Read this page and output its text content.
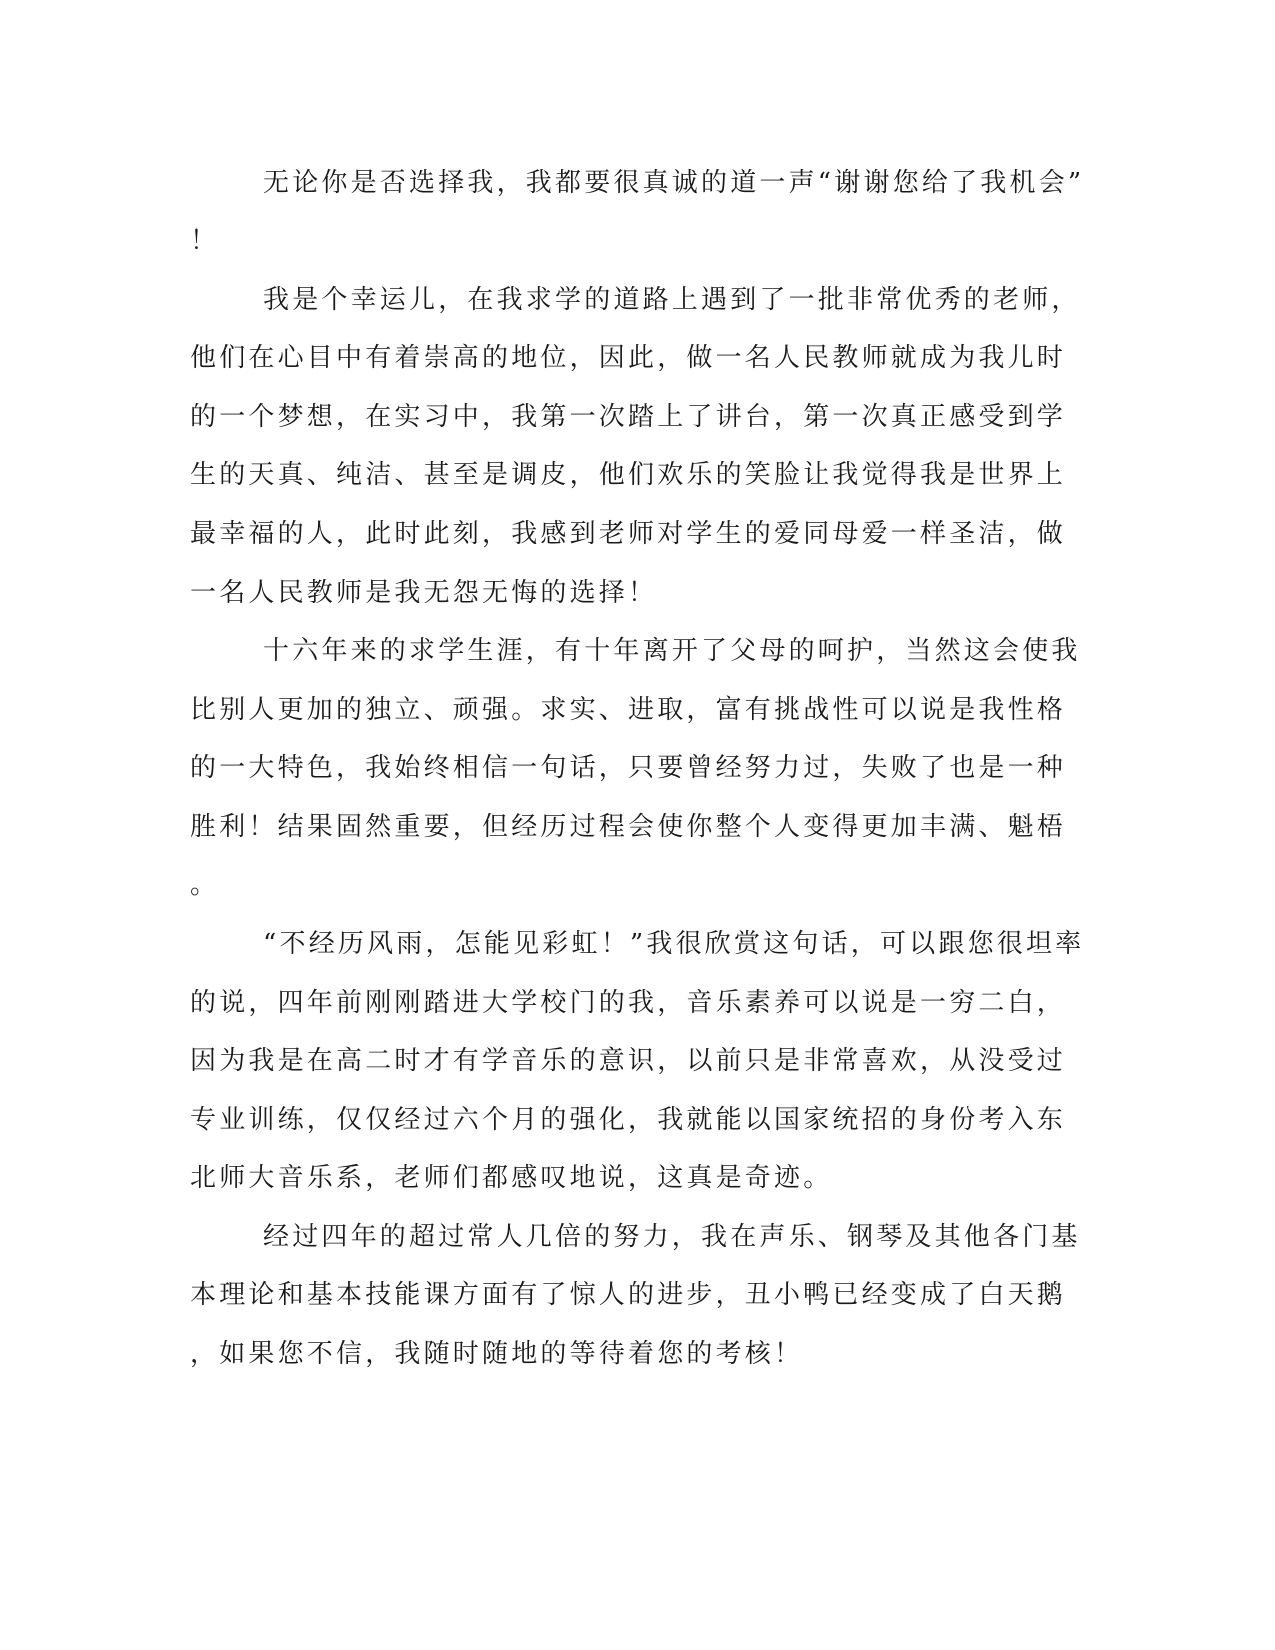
无论你是否选择我，我都要很真诚的道一声“谢谢您给了我机会”
！
我是个幸运儿，在我求学的道路上遇到了一批非常优秀的老师，
他们在心目中有着崇高的地位，因此，做一名人民教师就成为我儿时
的一个梦想，在实习中，我第一次踏上了讲台，第一次真正感受到学
生的天真、纯洁、甚至是调皮，他们欢乐的笑脸让我觉得我是世界上
最幸福的人，此时此刻，我感到老师对学生的爱同母爱一样圣洁，做
一名人民教师是我无怨无悔的选择！
十六年来的求学生涯，有十年离开了父母的呵护，当然这会使我
比别人更加的独立、顽强。求实、进取，富有挑战性可以说是我性格
的一大特色，我始终相信一句话，只要曾经努力过，失败了也是一种
胜利！结果固然重要，但经历过程会使你整个人变得更加丰满、魁梧
。
“不经历风雨，怎能见彩虹！”我很欣赏这句话，可以跟您很坦率
的说，四年前刚刚踏进大学校门的我，音乐素养可以说是一穷二白，
因为我是在高二时才有学音乐的意识，以前只是非常喜欢，从没受过
专业训练，仅仅经过六个月的强化，我就能以国家统招的身份考入东
北师大音乐系，老师们都感叹地说，这真是奇迹。
经过四年的超过常人几倍的努力，我在声乐、钢琴及其他各门基
本理论和基本技能课方面有了惊人的进步，丑小鸭已经变成了白天鹅
，如果您不信，我随时随地的等待着您的考核！
